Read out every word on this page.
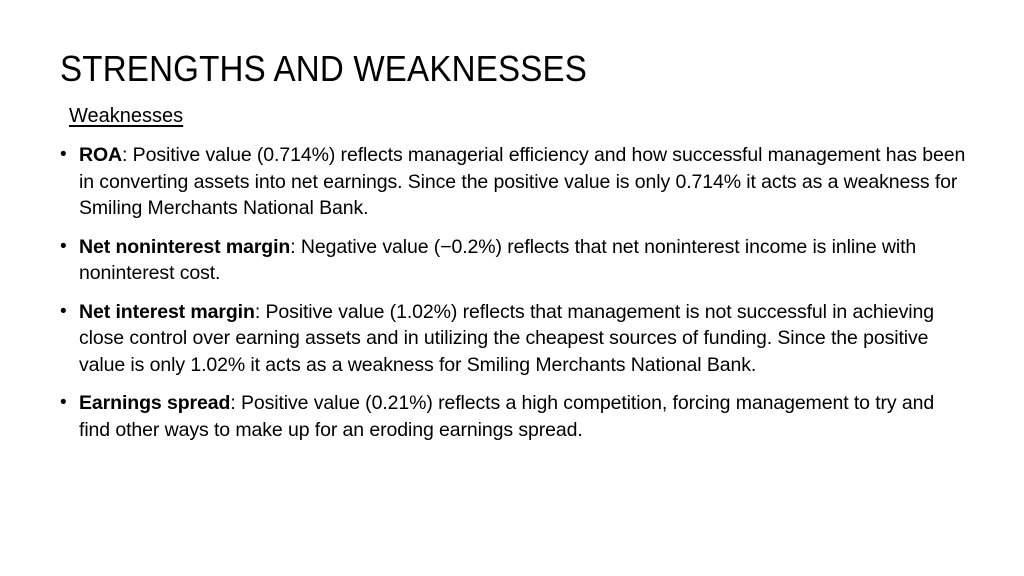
STRENGTHS AND WEAKNESSES
Weaknesses
• ROA: Positive value (0.714%) reflects managerial efficiency and how successful management has been in converting assets into net earnings. Since the positive value is only 0.714% it acts as a weakness for Smiling Merchants National Bank.
• Net noninterest margin: Negative value (−0.2%) reflects that net noninterest income is inline with noninterest cost.
• Net interest margin: Positive value (1.02%) reflects that management is not successful in achieving close control over earning assets and in utilizing the cheapest sources of funding. Since the positive value is only 1.02% it acts as a weakness for Smiling Merchants National Bank.
• Earnings spread: Positive value (0.21%) reflects a high competition, forcing management to try and find other ways to make up for an eroding earnings spread.
